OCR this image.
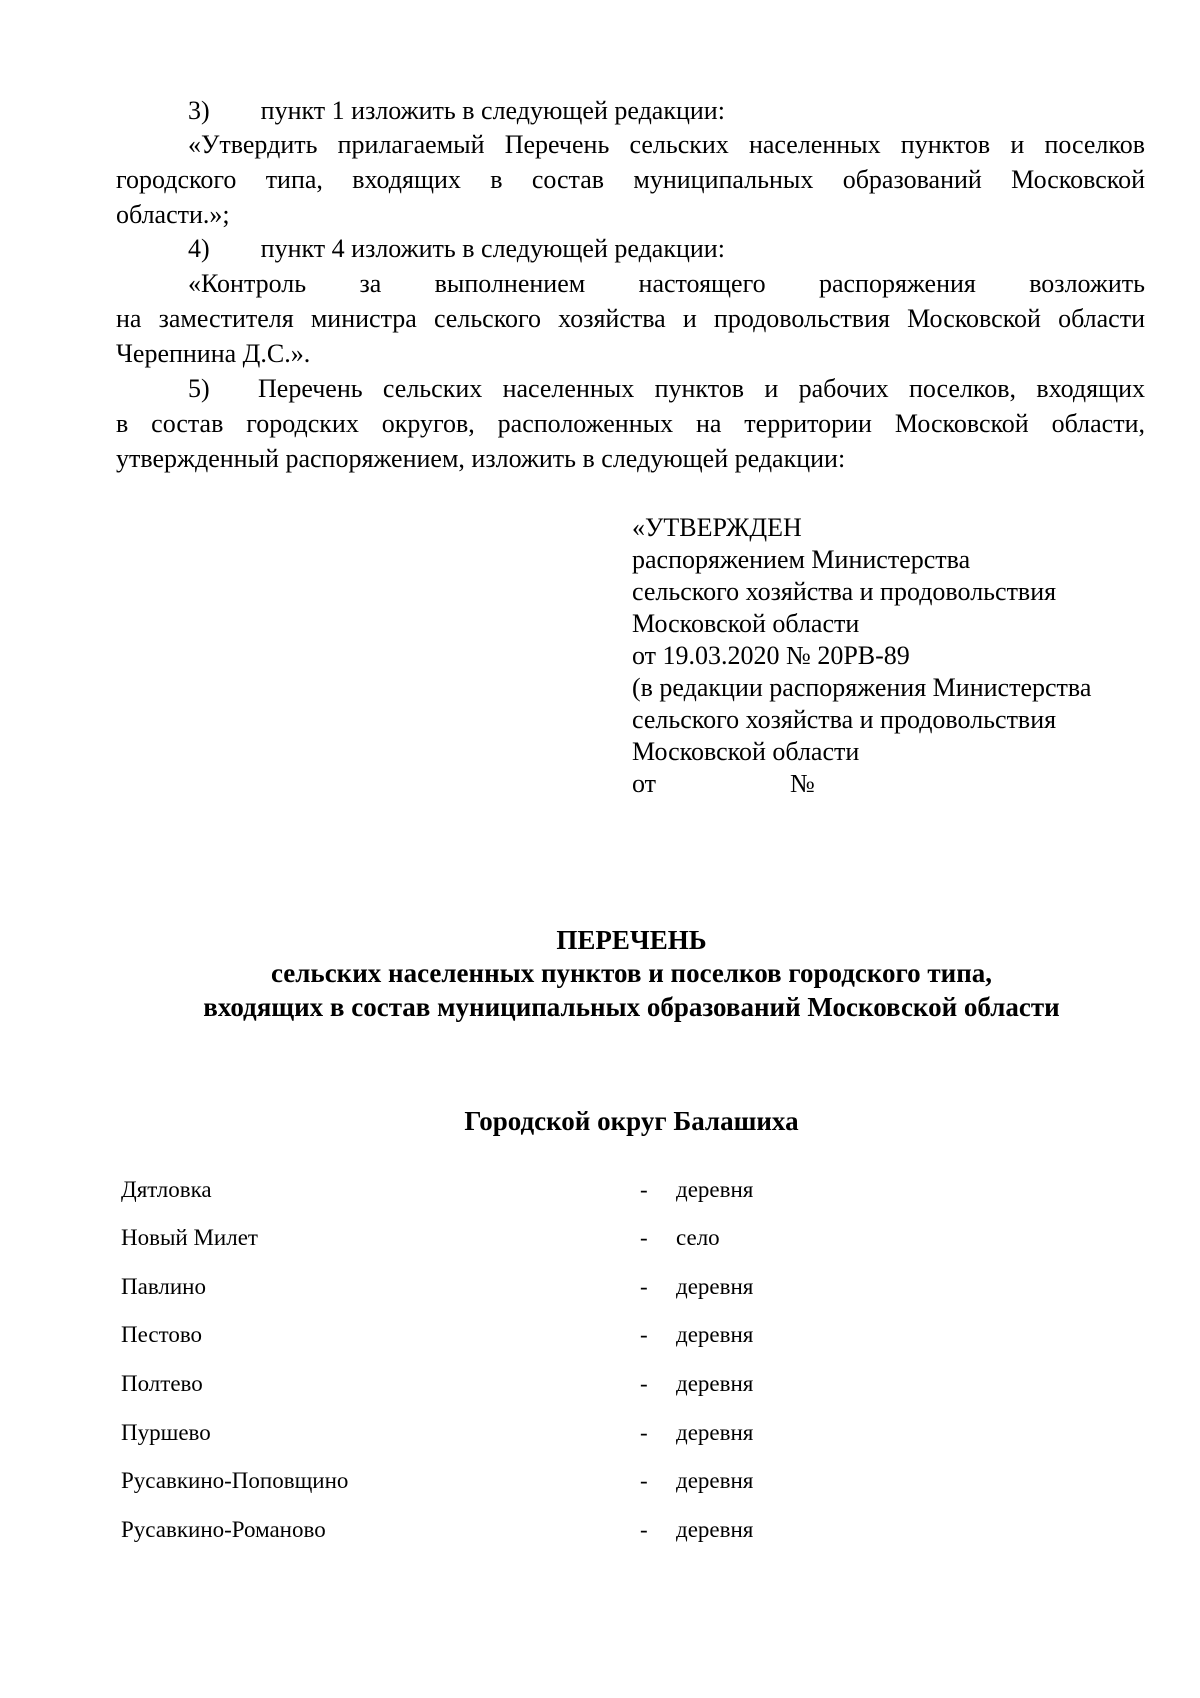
3) пункт 1 изложить в следующей редакции:
«Утвердить прилагаемый Перечень сельских населенных пунктов и поселков
городского типа, входящих в состав муниципальных образований Московской
области.»;
4) пункт 4 изложить в следующей редакции:
«Контроль за выполнением настоящего распоряжения возложить
на заместителя министра сельского хозяйства и продовольствия Московской области
Черепнина Д.С.».
5)	Перечень сельских населенных пунктов и рабочих поселков, входящих
в состав городских округов, расположенных на территории Московской области,
утвержденный распоряжением, изложить в следующей редакции:
«УТВЕРЖДЕН
распоряжением Министерства
сельского хозяйства и продовольствия
Московской области
от 19.03.2020 № 20РВ-89
(в редакции распоряжения Министерства
сельского хозяйства и продовольствия
Московской области
от	№
ПЕРЕЧЕНЬ
сельских населенных пунктов и поселков городского типа,
входящих в состав муниципальных образований Московской области
Городской округ Балашиха
Дятловка	- деревня
Новый Милет	- село
Павлино	- деревня
Пестово	- деревня
Полтево	- деревня
Пуршево	- деревня
Русавкино-Поповщино	- деревня
Русавкино-Романово	- деревня
